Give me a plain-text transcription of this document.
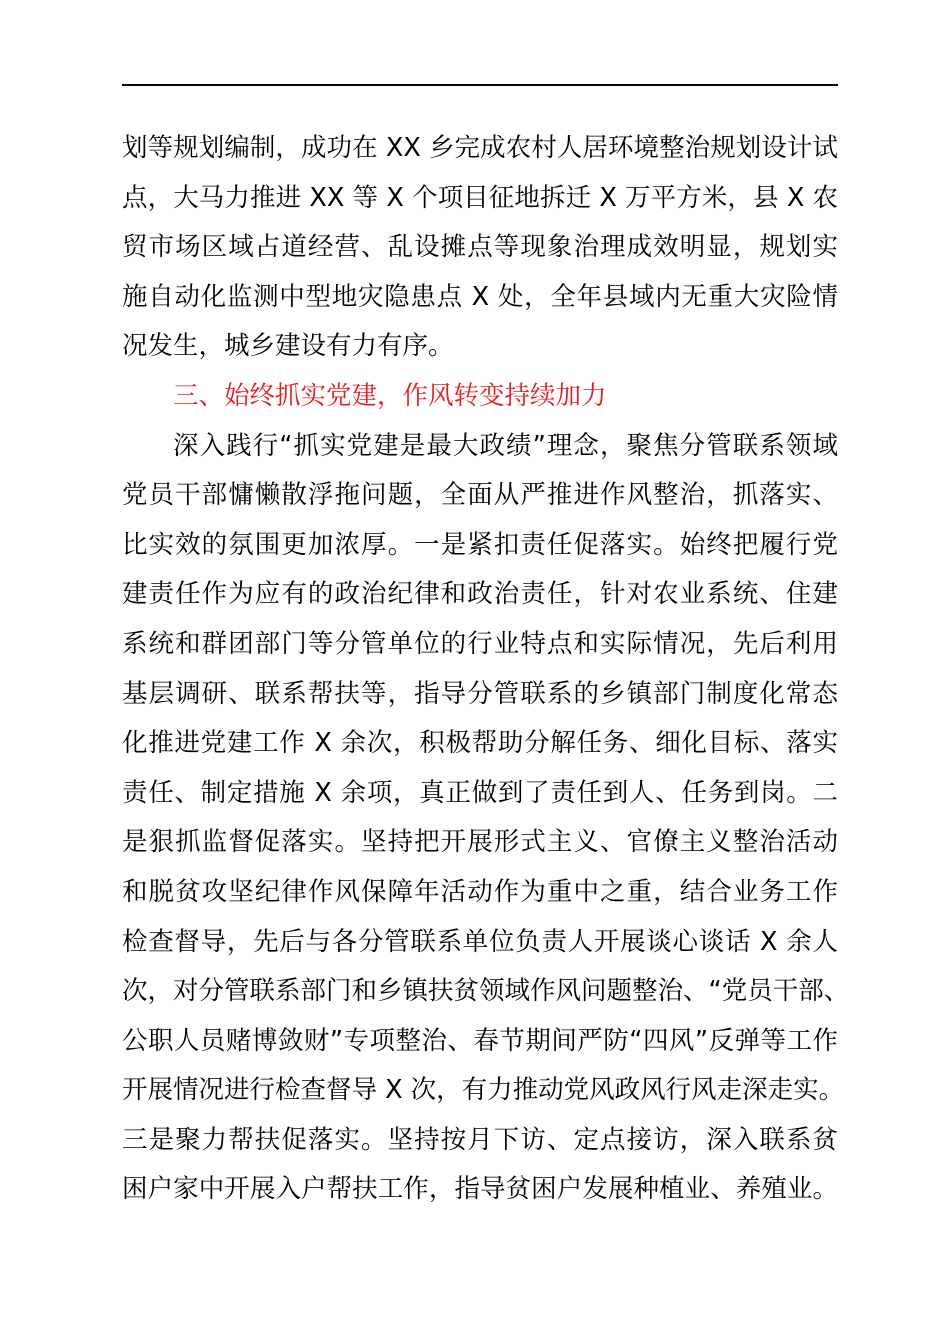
划等规划编制，成功在 XX 乡完成农村人居环境整治规划设计试
点，大马力推进 XX 等 X 个项目征地拆迁 X 万平方米，县 X 农
贸市场区域占道经营、乱设摊点等现象治理成效明显，规划实
施自动化监测中型地灾隐患点 X 处，全年县域内无重大灾险情
况发生，城乡建设有力有序。
三、始终抓实党建，作风转变持续加力
深入践行“抓实党建是最大政绩”理念，聚焦分管联系领域
党员干部慵懒散浮拖问题，全面从严推进作风整治，抓落实、
比实效的氛围更加浓厚。一是紧扣责任促落实。始终把履行党
建责任作为应有的政治纪律和政治责任，针对农业系统、住建
系统和群团部门等分管单位的行业特点和实际情况，先后利用
基层调研、联系帮扶等，指导分管联系的乡镇部门制度化常态
化推进党建工作 X 余次，积极帮助分解任务、细化目标、落实
责任、制定措施 X 余项，真正做到了责任到人、任务到岗。二
是狠抓监督促落实。坚持把开展形式主义、官僚主义整治活动
和脱贫攻坚纪律作风保障年活动作为重中之重，结合业务工作
检查督导，先后与各分管联系单位负责人开展谈心谈话 X 余人
次，对分管联系部门和乡镇扶贫领域作风问题整治、“党员干部、
公职人员赌博敛财”专项整治、春节期间严防“四风”反弹等工作
开展情况进行检查督导 X 次，有力推动党风政风行风走深走实。
三是聚力帮扶促落实。坚持按月下访、定点接访，深入联系贫
困户家中开展入户帮扶工作，指导贫困户发展种植业、养殖业。
